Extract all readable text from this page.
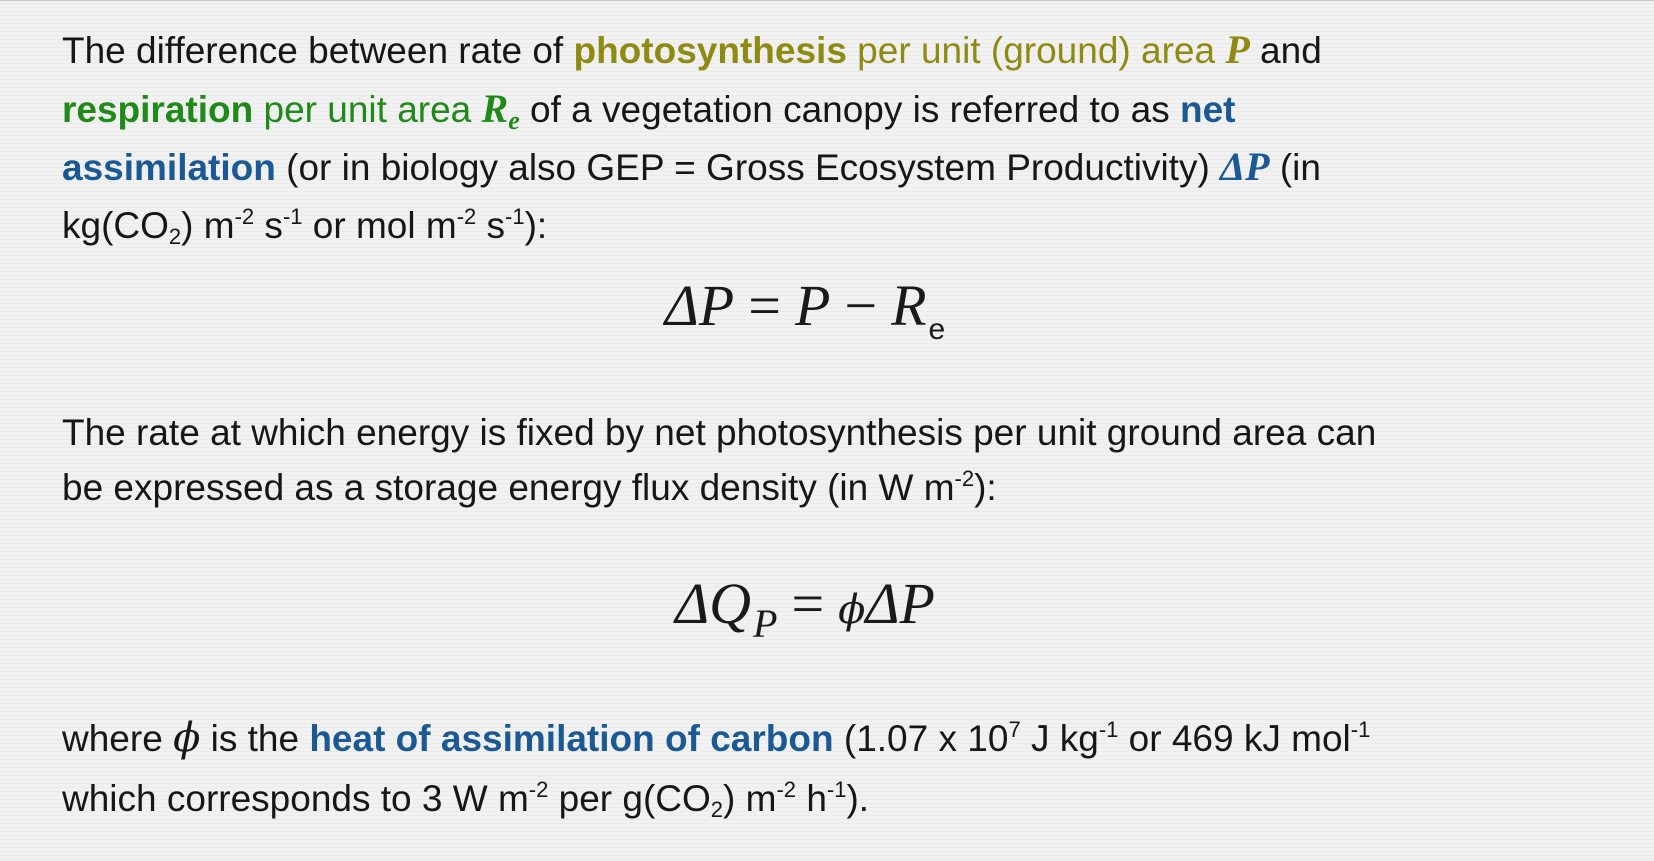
The difference between rate of photosynthesis per unit (ground) area P and
respiration per unit area $R_e$ of a vegetation canopy is referred to as net
assimilation (or in biology also GEP = Gross Ecosystem Productivity) ΔP (in
$kg(CO_2)$ $m^{-2}$ $s^{-1}$ or mol $m^{-2}$ $s^{-1}$):

$\Delta P = P - R_e$

The rate at which energy is fixed by net photosynthesis per unit ground area can
be expressed as a storage energy flux density (in W $m^{-2}$):

$\Delta Q_P = \phi\Delta P$

where ϕ is the heat of assimilation of carbon (1.07 x $10^7$ J $kg^{-1}$ or 469 kJ mol$^{-1}$
which corresponds to 3 W $m^{-2}$ per $g(CO_2)$ $m^{-2}$ $h^{-1}$).
